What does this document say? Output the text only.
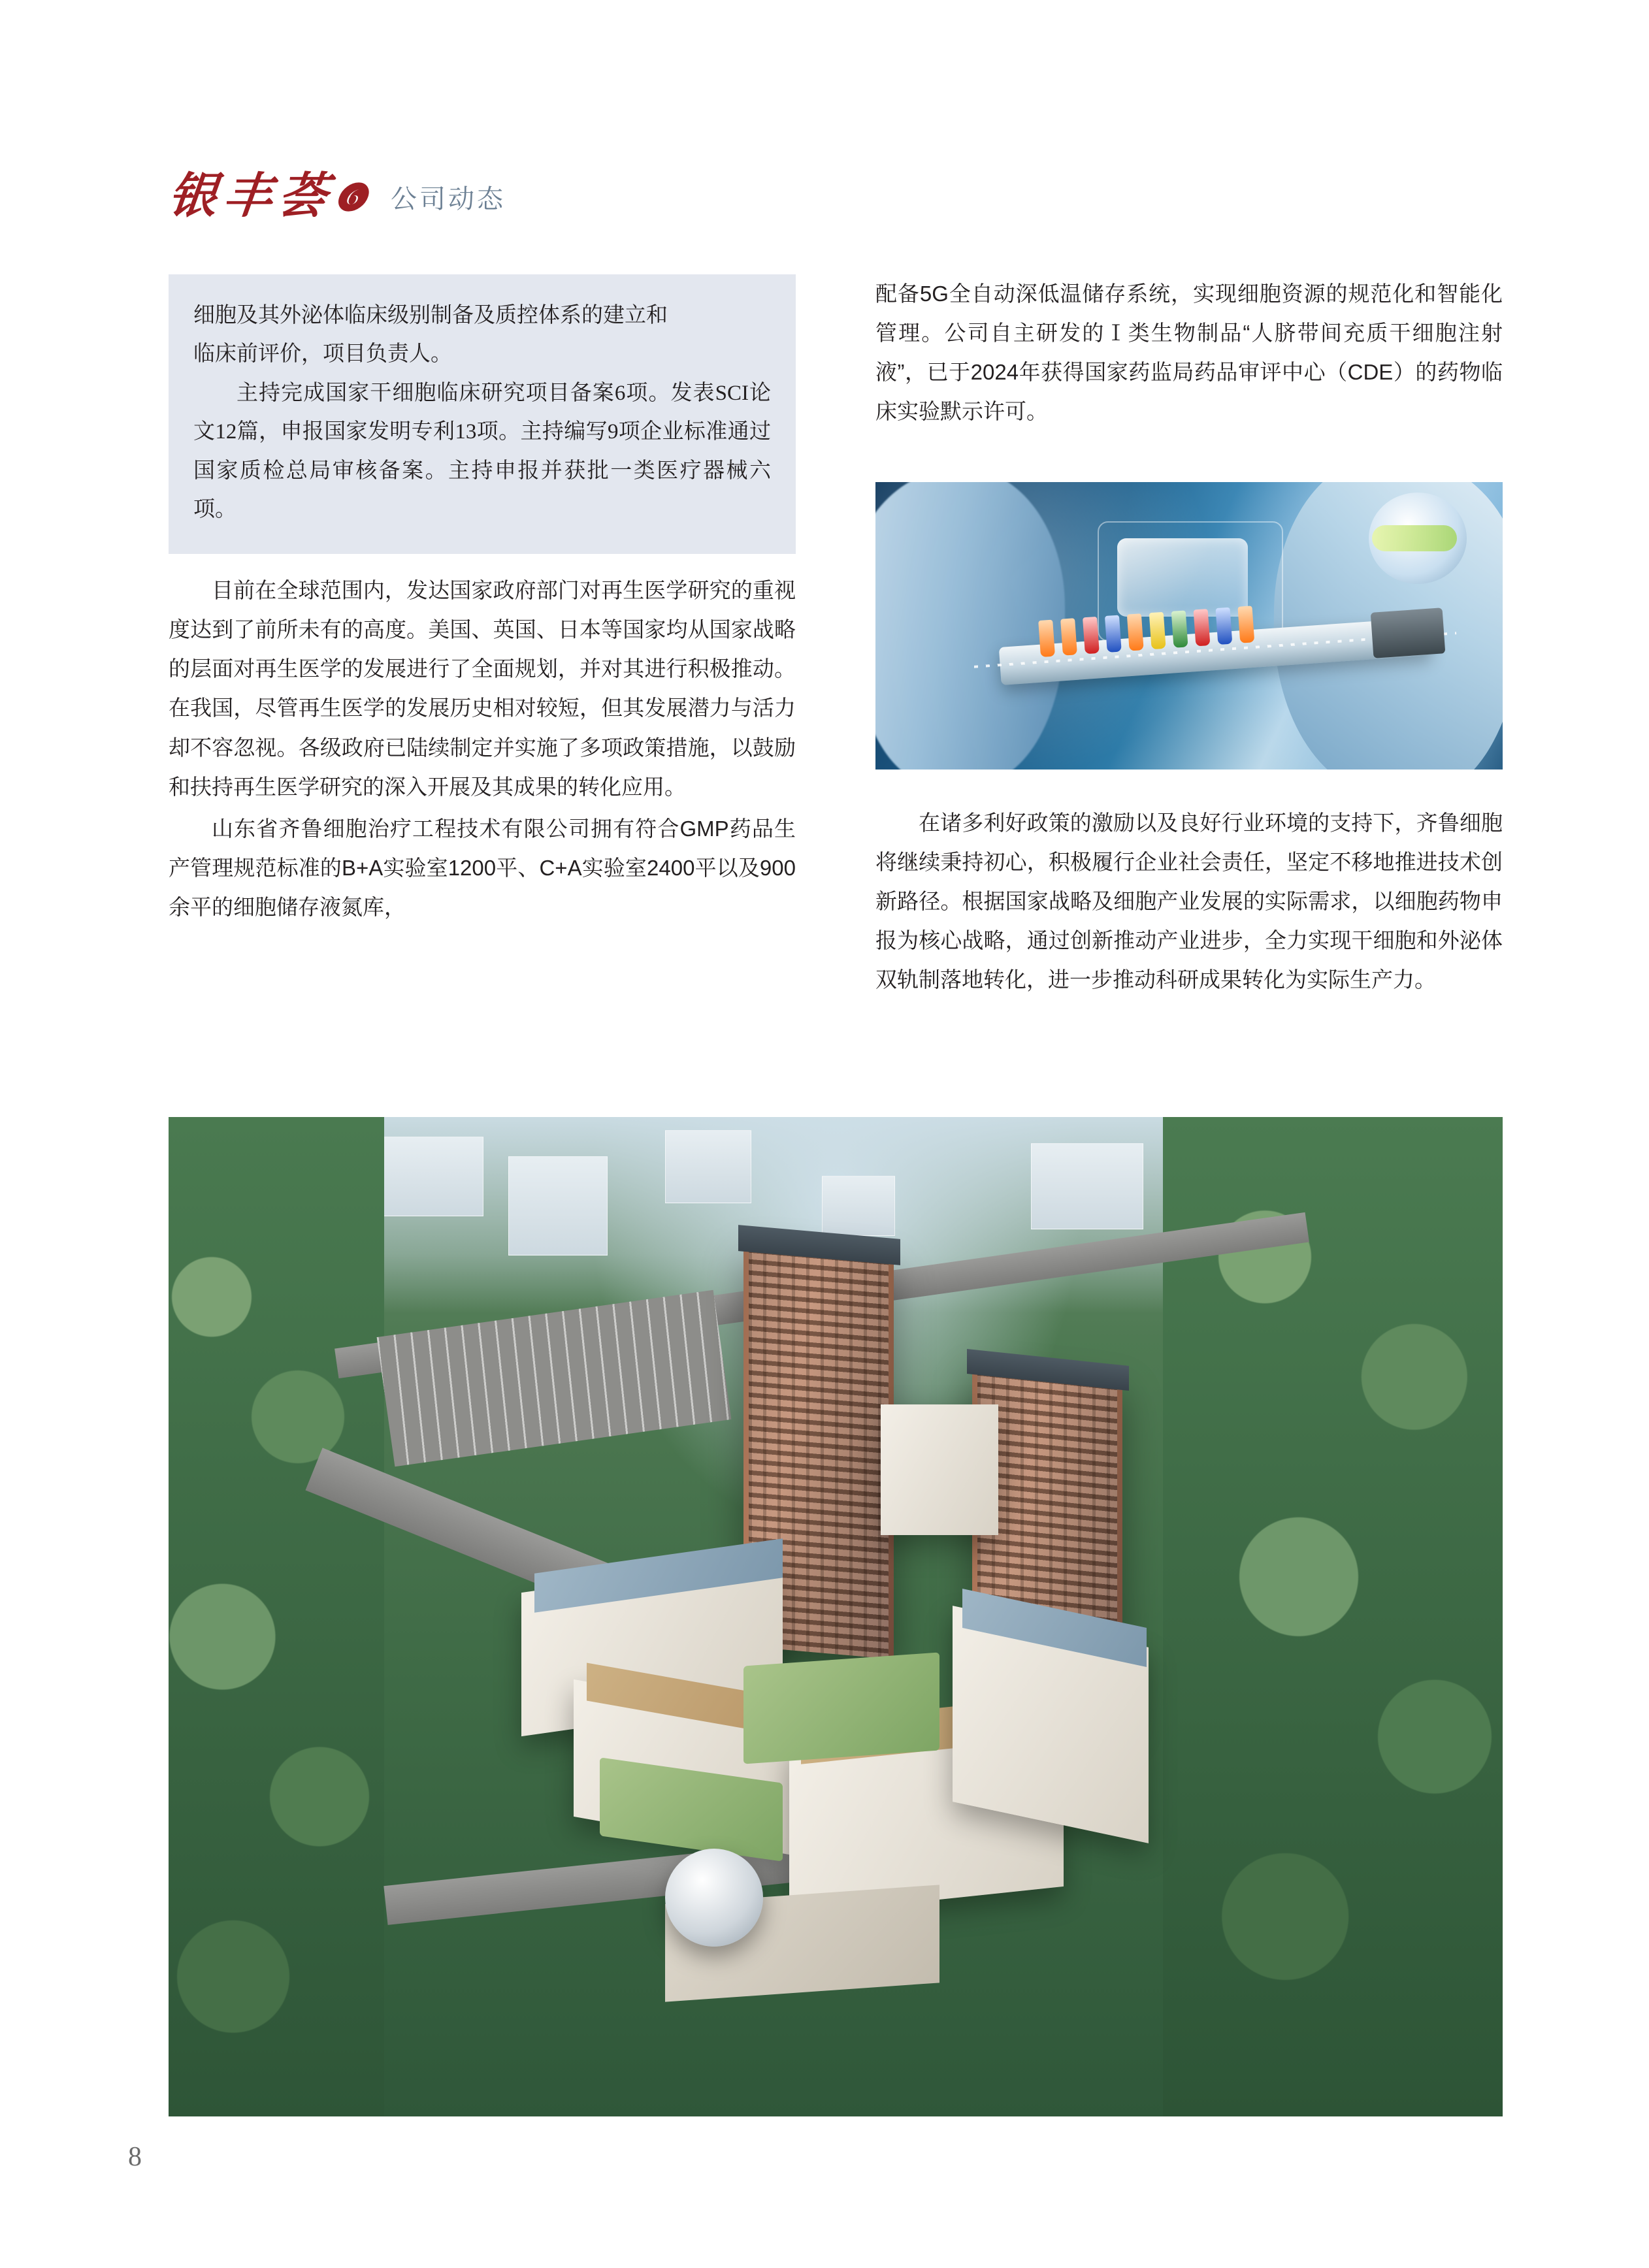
银丰荟❻ 公司动态

细胞及其外泌体临床级别制备及质控体系的建立和

临床前评价，项目负责人。

主持完成国家干细胞临床研究项目备案6项。发表SCI论文12篇，申报国家发明专利13项。主持编写9项企业标准通过国家质检总局审核备案。主持申报并获批一类医疗器械六项。

目前在全球范围内，发达国家政府部门对再生医学研究的重视度达到了前所未有的高度。美国、英国、日本等国家均从国家战略的层面对再生医学的发展进行了全面规划，并对其进行积极推动。在我国，尽管再生医学的发展历史相对较短，但其发展潜力与活力却不容忽视。各级政府已陆续制定并实施了多项政策措施，以鼓励和扶持再生医学研究的深入开展及其成果的转化应用。

山东省齐鲁细胞治疗工程技术有限公司拥有符合GMP药品生产管理规范标准的B+A实验室1200平、C+A实验室2400平以及900余平的细胞储存液氮库，

配备5G全自动深低温储存系统，实现细胞资源的规范化和智能化管理。公司自主研发的Ⅰ类生物制品“人脐带间充质干细胞注射液”，已于2024年获得国家药监局药品审评中心（CDE）的药物临床实验默示许可。

在诸多利好政策的激励以及良好行业环境的支持下，齐鲁细胞将继续秉持初心，积极履行企业社会责任，坚定不移地推进技术创新路径。根据国家战略及细胞产业发展的实际需求，以细胞药物申报为核心战略，通过创新推动产业进步，全力实现干细胞和外泌体双轨制落地转化，进一步推动科研成果转化为实际生产力。

8
